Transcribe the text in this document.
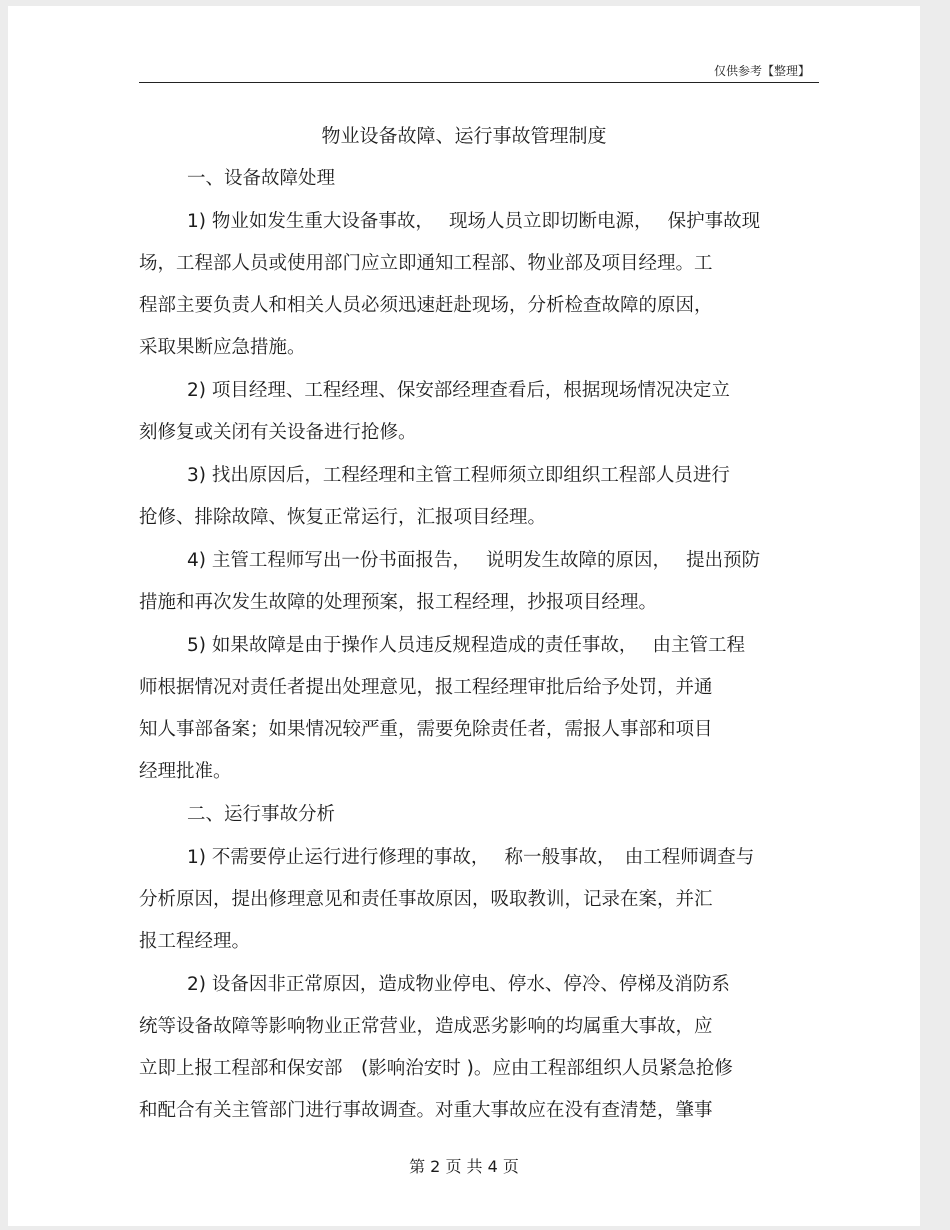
仅供参考【整理】
物业设备故障、运行事故管理制度
一、设备故障处理
1) 物业如发生重大设备事故，　 现场人员立即切断电源，　 保护事故现
场，工程部人员或使用部门应立即通知工程部、物业部及项目经理。工
程部主要负责人和相关人员必须迅速赶赴现场，分析检查故障的原因，
采取果断应急措施。
2) 项目经理、工程经理、保安部经理查看后，根据现场情况决定立
刻修复或关闭有关设备进行抢修。
3) 找出原因后，工程经理和主管工程师须立即组织工程部人员进行
抢修、排除故障、恢复正常运行，汇报项目经理。
4) 主管工程师写出一份书面报告，　 说明发生故障的原因，　 提出预防
措施和再次发生故障的处理预案，报工程经理，抄报项目经理。
5) 如果故障是由于操作人员违反规程造成的责任事故，　 由主管工程
师根据情况对责任者提出处理意见，报工程经理审批后给予处罚，并通
知人事部备案；如果情况较严重，需要免除责任者，需报人事部和项目
经理批准。
二、运行事故分析
1) 不需要停止运行进行修理的事故，　 称一般事故，　由工程师调查与
分析原因，提出修理意见和责任事故原因，吸取教训，记录在案，并汇
报工程经理。
2) 设备因非正常原因，造成物业停电、停水、停冷、停梯及消防系
统等设备故障等影响物业正常营业，造成恶劣影响的均属重大事故，应
立即上报工程部和保安部　(影响治安时 )。应由工程部组织人员紧急抢修
和配合有关主管部门进行事故调查。对重大事故应在没有查清楚，肇事
第 2 页 共 4 页
